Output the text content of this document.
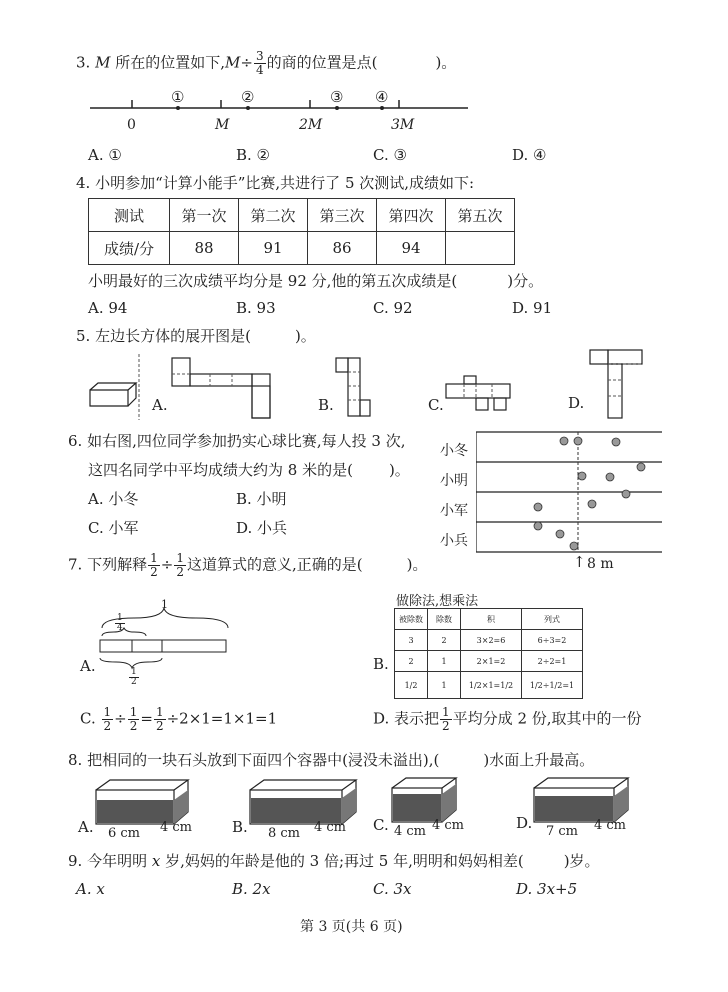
3. M 所在的位置如下$,M\div \frac{3}{4}$ 的商的位置是点(	)。
①	②	③ ④
0	M	2M	3M
A. ①	B. ②	C. ③	D. ④
4. 小明参加“计算小能手”比赛,共进行了 5 次测试,成绩如下:
测试	第一次	第二次	第三次	第四次	第五次
成绩/分	88	91	86	94	
小明最好的三次成绩平均分是 92 分,他的第五次成绩是(	)分。
A. 94	B. 93	C. 92	D. 91
5. 左边长方体的展开图是(	)。
A.	B.	C.	D.
6. 如右图,四位同学参加扔实心球比赛,每人投 3 次,
这四名同学中平均成绩大约为 8 米的是( )。
A. 小冬	B. 小明
C. 小军	D. 小兵
小冬
小明
小军
小兵
↑ 8 m
7. 下列解释 $\frac{1}{2} \div \frac{1}{2}$ 这道算式的意义,正确的是(	)。
A.
1
$\frac{1}{4}$
$\frac{1}{2}$
B.
做除法,想乘法
被除数	除数	积	列式
3	2	3×2=6	6÷3=2
2	1	2×1=2	2÷2=1
1/2	1	1/2×1=1/2	1/2÷1/2=1
C. $\frac{1}{2} \div \frac{1}{2} = \frac{1}{2} \div 2\times 1=1\times 1=1$	D. 表示把 $\frac{1}{2}$ 平均分成 2 份,取其中的一份
8. 把相同的一块石头放到下面四个容器中(浸没未溢出),(	)水面上升最高。
A. 6 cm 4 cm	B. 8 cm 4 cm C. 4 cm 4 cm	D. 7 cm 4 cm
9. 今年明明 x 岁,妈妈的年龄是他的 3 倍;再过 5 年,明明和妈妈相差(	)岁。
A. x	B. 2x	C. 3x	D. 3x+5
第 3 页(共 6 页)
